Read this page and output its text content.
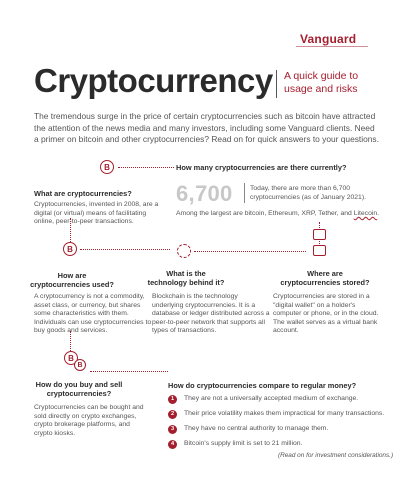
Vanguard
Cryptocurrency A quick guide to usage and risks
The tremendous surge in the price of certain cryptocurrencies such as bitcoin have attracted the attention of the news media and many investors, including some Vanguard clients. Need a primer on bitcoin and other cryptocurrencies? Read on for quick answers to your questions.
B	How many cryptocurrencies are there currently?
What are cryptocurrencies?
Cryptocurrencies, invented in 2008, are a digital (or virtual) means of facilitating online, peer-to-peer transactions.
6,700	Today, there are more than 6,700 cryptocurrencies (as of January 2021).
Among the largest are bitcoin, Ethereum, XRP, Tether, and Litecoin.
B
How are
cryptocurrencies used?
What is the
technology behind it?
Where are
cryptocurrencies stored?
A cryptocurrency is not a commodity, asset class, or currency, but shares some characteristics with them. Individuals can use cryptocurrencies to buy goods and services.
Blockchain is the technology underlying cryptocurrencies. It is a database or ledger distributed across a peer-to-peer network that supports all types of transactions.
Cryptocurrencies are stored in a "digital wallet" on a holder's computer or phone, or in the cloud. The wallet serves as a virtual bank account.
B
B
How do you buy and sell
cryptocurrencies?
Cryptocurrencies can be bought and sold directly on crypto exchanges, crypto brokerage platforms, and crypto kiosks.
How do cryptocurrencies compare to regular money?
1	They are not a universally accepted medium of exchange.
2	Their price volatility makes them impractical for many transactions.
3	They have no central authority to manage them.
4	Bitcoin's supply limit is set to 21 million.
(Read on for investment considerations.)
